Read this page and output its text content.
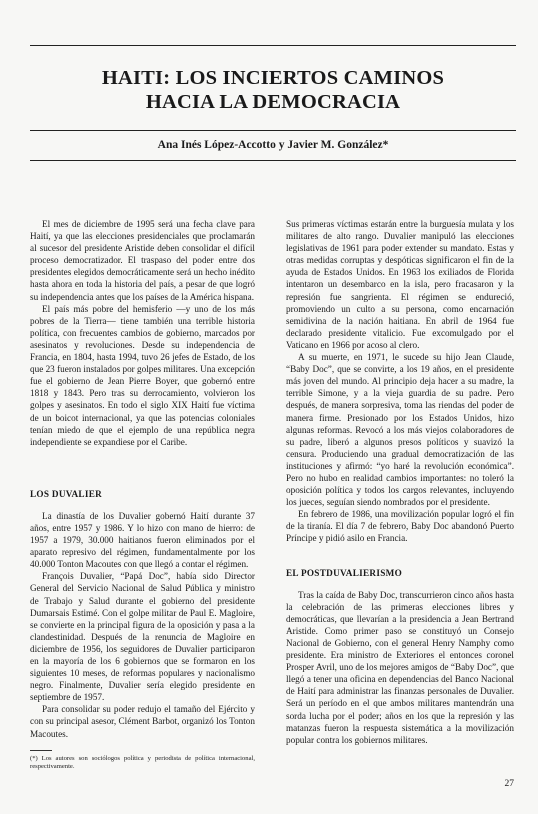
HAITI: LOS INCIERTOS CAMINOS
HACIA LA DEMOCRACIA
Ana Inés López-Accotto y Javier M. González*

El mes de diciembre de 1995 será una fecha clave para Haití, ya que las elecciones presidenciales que proclamarán al sucesor del presidente Aristide deben consolidar el difícil proceso democratizador. El traspaso del poder entre dos presidentes elegidos democráticamente será un hecho inédito hasta ahora en toda la historia del país, a pesar de que logró su independencia antes que los países de la América hispana.

El país más pobre del hemisferio —y uno de los más pobres de la Tierra— tiene también una terrible historia política, con frecuentes cambios de gobierno, marcados por asesinatos y revoluciones. Desde su independencia de Francia, en 1804, hasta 1994, tuvo 26 jefes de Estado, de los que 23 fueron instalados por golpes militares. Una excepción fue el gobierno de Jean Pierre Boyer, que gobernó entre 1818 y 1843. Pero tras su derrocamiento, volvieron los golpes y asesinatos. En todo el siglo XIX Haití fue víctima de un boicot internacional, ya que las potencias coloniales tenían miedo de que el ejemplo de una república negra independiente se expandiese por el Caribe.

LOS DUVALIER

La dinastía de los Duvalier gobernó Haití durante 37 años, entre 1957 y 1986. Y lo hizo con mano de hierro: de 1957 a 1979, 30.000 haitianos fueron eliminados por el aparato represivo del régimen, fundamentalmente por los 40.000 Tonton Macoutes con que llegó a contar el régimen.

François Duvalier, “Papá Doc”, había sido Director General del Servicio Nacional de Salud Pública y ministro de Trabajo y Salud durante el gobierno del presidente Dumarsais Estimé. Con el golpe militar de Paul E. Magloire, se convierte en la principal figura de la oposición y pasa a la clandestinidad. Después de la renuncia de Magloire en diciembre de 1956, los seguidores de Duvalier participaron en la mayoría de los 6 gobiernos que se formaron en los siguientes 10 meses, de reformas populares y nacionalismo negro. Finalmente, Duvalier sería elegido presidente en septiembre de 1957.

Para consolidar su poder redujo el tamaño del Ejército y con su principal asesor, Clément Barbot, organizó los Tonton Macoutes.

(*) Los autores son sociólogos política y periodista de política internacional, respectivamente.

Sus primeras víctimas estarán entre la burguesía mulata y los militares de alto rango. Duvalier manipuló las elecciones legislativas de 1961 para poder extender su mandato. Estas y otras medidas corruptas y despóticas significaron el fin de la ayuda de Estados Unidos. En 1963 los exiliados de Florida intentaron un desembarco en la isla, pero fracasaron y la represión fue sangrienta. El régimen se endureció, promoviendo un culto a su persona, como encarnación semidivina de la nación haitiana. En abril de 1964 fue declarado presidente vitalicio. Fue excomulgado por el Vaticano en 1966 por acoso al clero.

A su muerte, en 1971, le sucede su hijo Jean Claude, “Baby Doc”, que se convirte, a los 19 años, en el presidente más joven del mundo. Al principio deja hacer a su madre, la terrible Simone, y a la vieja guardia de su padre. Pero después, de manera sorpresiva, toma las riendas del poder de manera firme. Presionado por los Estados Unidos, hizo algunas reformas. Revocó a los más viejos colaboradores de su padre, liberó a algunos presos políticos y suavizó la censura. Produciendo una gradual democratización de las instituciones y afirmó: “yo haré la revolución económica”. Pero no hubo en realidad cambios importantes: no toleró la oposición política y todos los cargos relevantes, incluyendo los jueces, seguían siendo nombrados por el presidente.

En febrero de 1986, una movilización popular logró el fin de la tiranía. El día 7 de febrero, Baby Doc abandonó Puerto Príncipe y pidió asilo en Francia.

EL POSTDUVALIERISMO

Tras la caída de Baby Doc, transcurrieron cinco años hasta la celebración de las primeras elecciones libres y democráticas, que llevarían a la presidencia a Jean Bertrand Aristide. Como primer paso se constituyó un Consejo Nacional de Gobierno, con el general Henry Namphy como presidente. Era ministro de Exteriores el entonces coronel Prosper Avril, uno de los mejores amigos de “Baby Doc”, que llegó a tener una oficina en dependencias del Banco Nacional de Haití para administrar las finanzas personales de Duvalier. Será un período en el que ambos militares mantendrán una sorda lucha por el poder; años en los que la represión y las matanzas fueron la respuesta sistemática a la movilización popular contra los gobiernos militares.

27
